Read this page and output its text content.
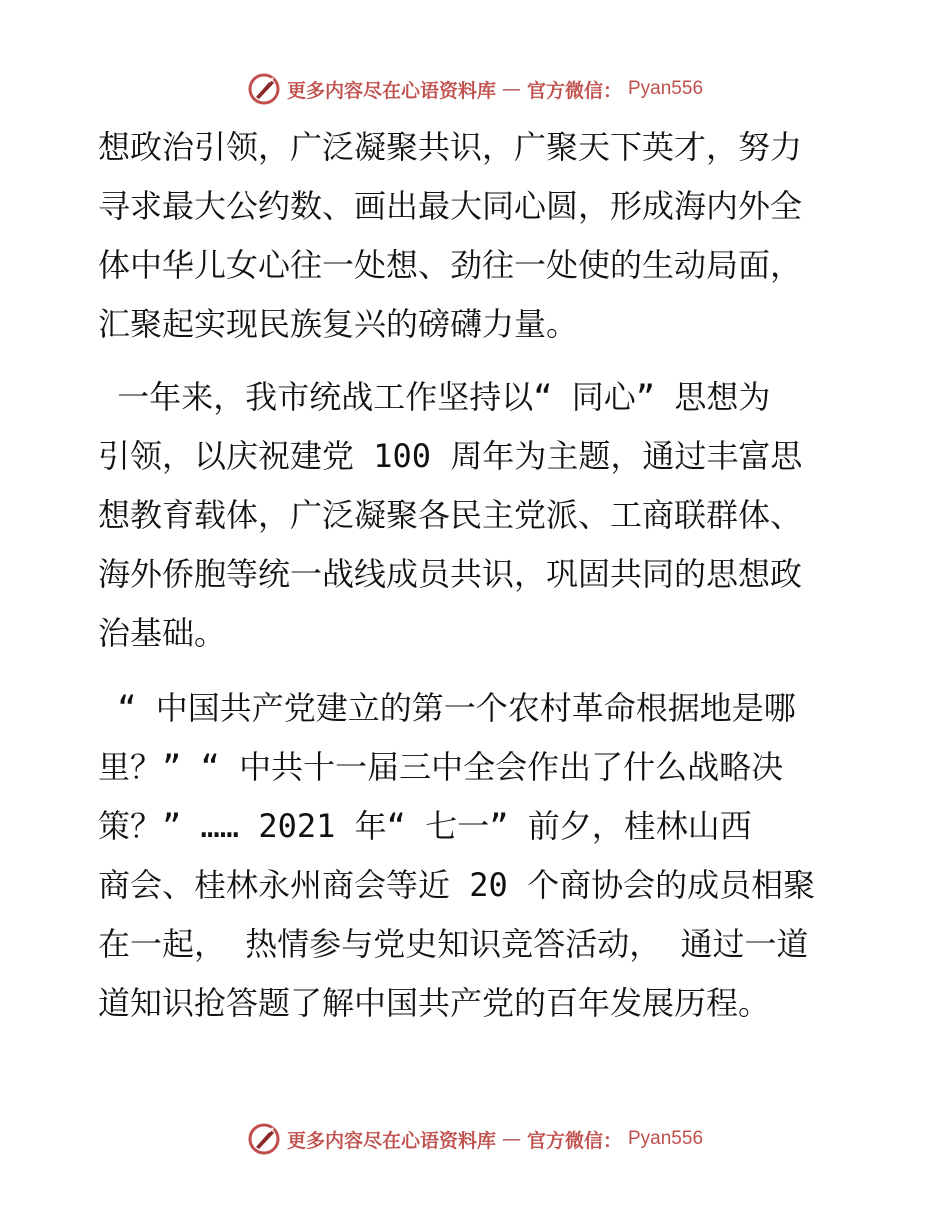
更多内容尽在心语资料库 — 官方微信： Pyan556

想政治引领，广泛凝聚共识，广聚天下英才，努力

寻求最大公约数、画出最大同心圆，形成海内外全

体中华儿女心往一处想、劲往一处使的生动局面，

汇聚起实现民族复兴的磅礴力量。

一年来，我市统战工作坚持以“ 同心” 思想为

引领，以庆祝建党 100 周年为主题，通过丰富思

想教育载体，广泛凝聚各民主党派、工商联群体、

海外侨胞等统一战线成员共识，巩固共同的思想政

治基础。

“ 中国共产党建立的第一个农村革命根据地是哪

里？” “ 中共十一届三中全会作出了什么战略决

策？” …… 2021 年“ 七一” 前夕，桂林山西

商会、桂林永州商会等近 20 个商协会的成员相聚

在一起， 热情参与党史知识竞答活动， 通过一道

道知识抢答题了解中国共产党的百年发展历程。

更多内容尽在心语资料库 — 官方微信： Pyan556
